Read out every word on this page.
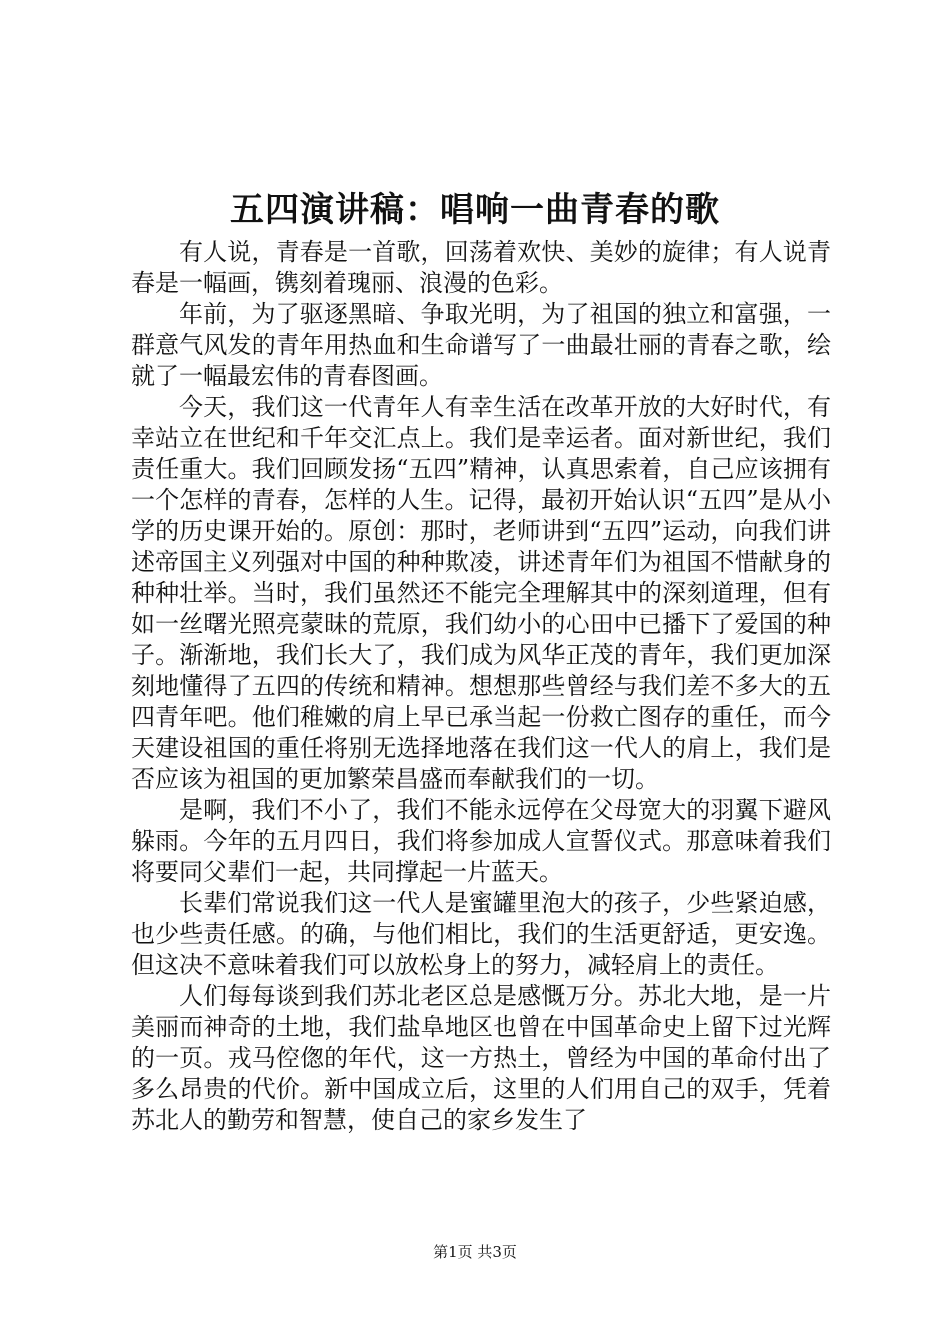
五四演讲稿：唱响一曲青春的歌

有人说，青春是一首歌，回荡着欢快、美妙的旋律；有人说青春是一幅画，镌刻着瑰丽、浪漫的色彩。

年前，为了驱逐黑暗、争取光明，为了祖国的独立和富强，一群意气风发的青年用热血和生命谱写了一曲最壮丽的青春之歌，绘就了一幅最宏伟的青春图画。

今天，我们这一代青年人有幸生活在改革开放的大好时代，有幸站立在世纪和千年交汇点上。我们是幸运者。面对新世纪，我们责任重大。我们回顾发扬“五四”精神，认真思索着，自己应该拥有一个怎样的青春，怎样的人生。记得，最初开始认识“五四”是从小学的历史课开始的。原创：那时，老师讲到“五四”运动，向我们讲述帝国主义列强对中国的种种欺凌，讲述青年们为祖国不惜献身的种种壮举。当时，我们虽然还不能完全理解其中的深刻道理，但有如一丝曙光照亮蒙昧的荒原，我们幼小的心田中已播下了爱国的种子。渐渐地，我们长大了，我们成为风华正茂的青年，我们更加深刻地懂得了五四的传统和精神。想想那些曾经与我们差不多大的五四青年吧。他们稚嫩的肩上早已承当起一份救亡图存的重任，而今天建设祖国的重任将别无选择地落在我们这一代人的肩上，我们是否应该为祖国的更加繁荣昌盛而奉献我们的一切。

是啊，我们不小了，我们不能永远停在父母宽大的羽翼下避风躲雨。今年的五月四日，我们将参加成人宣誓仪式。那意味着我们将要同父辈们一起，共同撑起一片蓝天。

长辈们常说我们这一代人是蜜罐里泡大的孩子，少些紧迫感，也少些责任感。的确，与他们相比，我们的生活更舒适，更安逸。但这决不意味着我们可以放松身上的努力，减轻肩上的责任。

人们每每谈到我们苏北老区总是感慨万分。苏北大地，是一片美丽而神奇的土地，我们盐阜地区也曾在中国革命史上留下过光辉的一页。戎马倥偬的年代，这一方热土，曾经为中国的革命付出了多么昂贵的代价。新中国成立后，这里的人们用自己的双手，凭着苏北人的勤劳和智慧，使自己的家乡发生了

第1页 共3页
